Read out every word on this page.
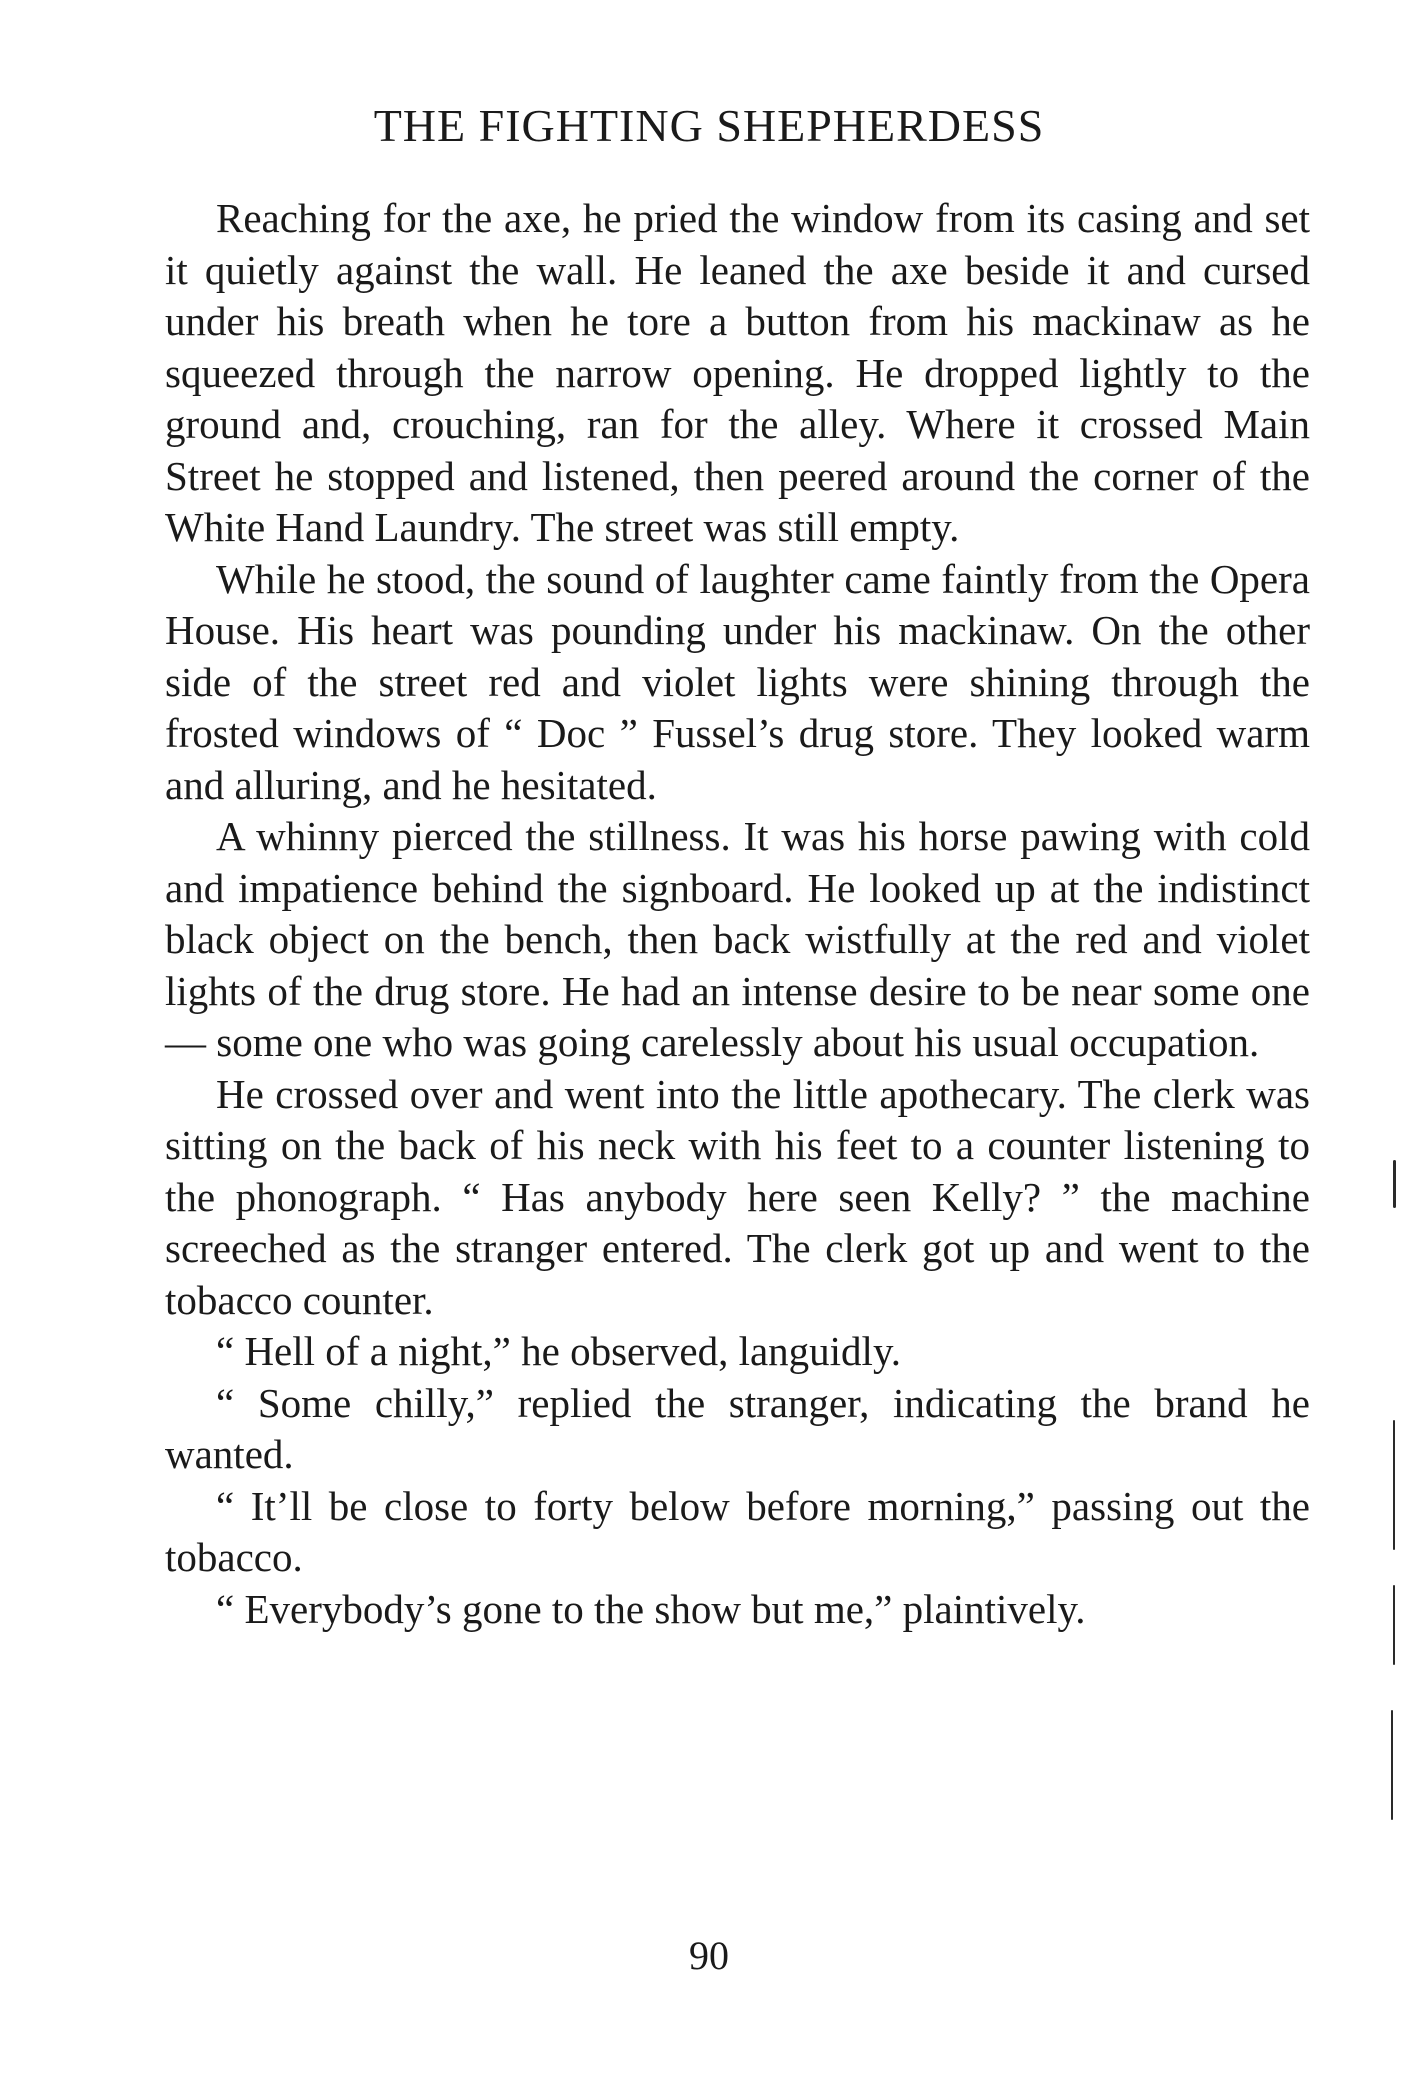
THE FIGHTING SHEPHERDESS

Reaching for the axe, he pried the window from its casing and set it quietly against the wall. He leaned the axe beside it and cursed under his breath when he tore a button from his mackinaw as he squeezed through the narrow opening. He dropped lightly to the ground and, crouching, ran for the alley. Where it crossed Main Street he stopped and listened, then peered around the corner of the White Hand Laundry. The street was still empty.

While he stood, the sound of laughter came faintly from the Opera House. His heart was pounding under his mackinaw. On the other side of the street red and violet lights were shining through the frosted windows of “ Doc ” Fussel’s drug store. They looked warm and alluring, and he hesitated.

A whinny pierced the stillness. It was his horse pawing with cold and impatience behind the signboard. He looked up at the indistinct black object on the bench, then back wistfully at the red and violet lights of the drug store. He had an intense desire to be near some one — some one who was going carelessly about his usual occupation.

He crossed over and went into the little apothecary. The clerk was sitting on the back of his neck with his feet to a counter listening to the phonograph. “ Has anybody here seen Kelly? ” the machine screeched as the stranger entered. The clerk got up and went to the tobacco counter.

“ Hell of a night,” he observed, languidly.

“ Some chilly,” replied the stranger, indicating the brand he wanted.

“ It’ll be close to forty below before morning,” passing out the tobacco.

“ Everybody’s gone to the show but me,” plaintively.

90
